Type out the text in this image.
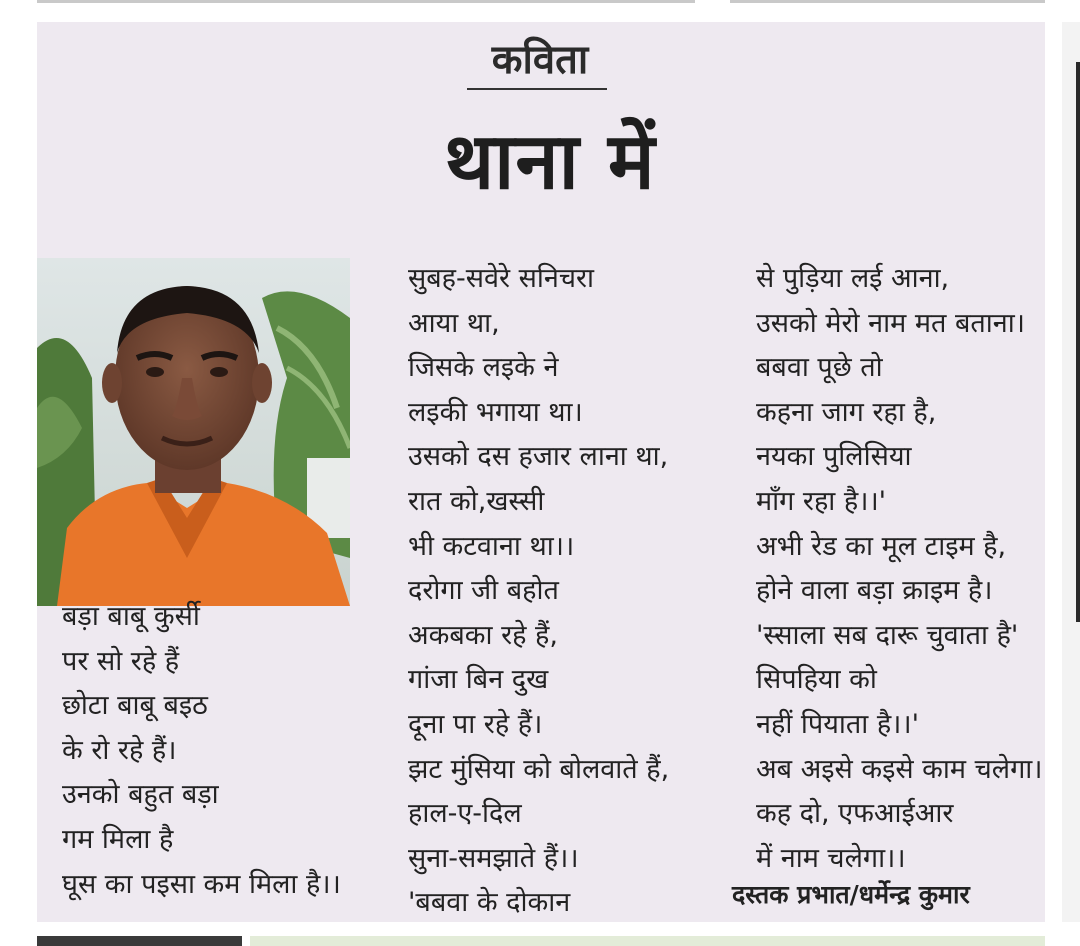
कविता
थाना में
बड़ा बाबू कुर्सी
पर सो रहे हैं
छोटा बाबू बइठ
के रो रहे हैं।
उनको बहुत बड़ा
गम मिला है
घूस का पइसा कम मिला है।।
सुबह-सवेरे सनिचरा
आया था,
जिसके लइके ने
लइकी भगाया था।
उसको दस हजार लाना था,
रात को,खस्सी
भी कटवाना था।।
दरोगा जी बहोत
अकबका रहे हैं,
गांजा बिन दुख
दूना पा रहे हैं।
झट मुंसिया को बोलवाते हैं,
हाल-ए-दिल
सुना-समझाते हैं।।
'बबवा के दोकान
से पुड़िया लई आना,
उसको मेरो नाम मत बताना।
बबवा पूछे तो
कहना जाग रहा है,
नयका पुलिसिया
माँग रहा है।।'
अभी रेड का मूल टाइम है,
होने वाला बड़ा क्राइम है।
'स्साला सब दारू चुवाता है'
सिपहिया को
नहीं पियाता है।।'
अब अइसे कइसे काम चलेगा।
कह दो, एफआईआर
में नाम चलेगा।।
दस्तक प्रभात/धर्मेन्द्र कुमार
